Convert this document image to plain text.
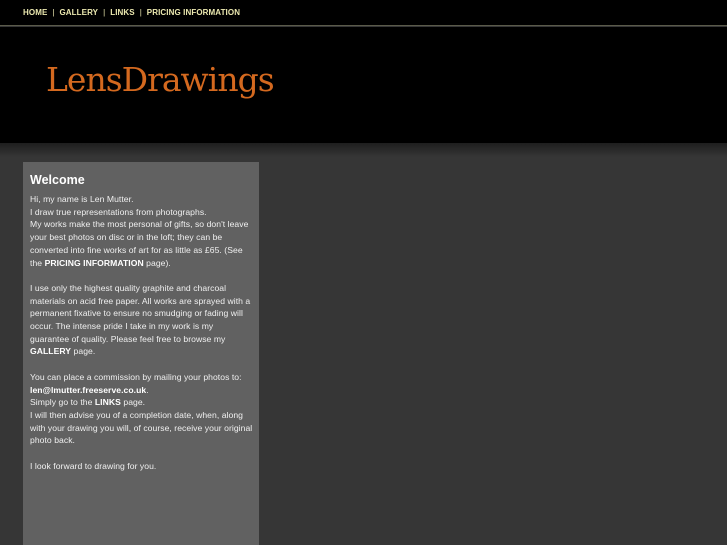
HOME | GALLERY | LINKS | PRICING INFORMATION
LensDrawings
Welcome

Hi, my name is Len Mutter.
I draw true representations from photographs.
My works make the most personal of gifts, so don't leave your best photos on disc or in the loft; they can be converted into fine works of art for as little as £65. (See the PRICING INFORMATION page).

I use only the highest quality graphite and charcoal materials on acid free paper. All works are sprayed with a permanent fixative to ensure no smudging or fading will occur. The intense pride I take in my work is my guarantee of quality. Please feel free to browse my GALLERY page.

You can place a commission by mailing your photos to:
len@lmutter.freeserve.co.uk.
Simply go to the LINKS page.
I will then advise you of a completion date, when, along with your drawing you will, of course, receive your original photo back.

I look forward to drawing for you.
